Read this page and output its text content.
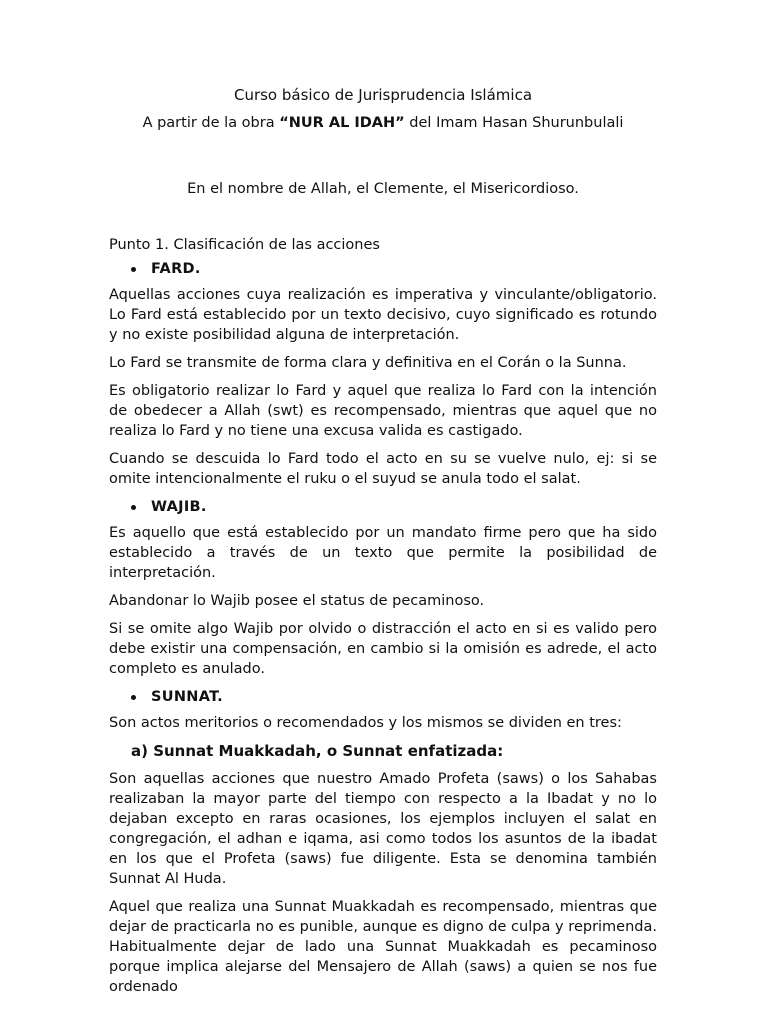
Curso básico de Jurisprudencia Islámica
A partir de la obra “NUR AL IDAH” del Imam Hasan Shurunbulali
En el nombre de Allah, el Clemente, el Misericordioso.
Punto 1. Clasificación de las acciones
FARD.

Aquellas acciones cuya realización es imperativa y vinculante/obligatorio. Lo Fard está establecido por un texto decisivo, cuyo significado es rotundo y no existe posibilidad alguna de interpretación.

Lo Fard se transmite de forma clara y definitiva en el Corán o la Sunna.

Es obligatorio realizar lo Fard y aquel que realiza lo Fard con la intención de obedecer a Allah (swt) es recompensado, mientras que aquel que no realiza lo Fard y no tiene una excusa valida es castigado.

Cuando se descuida lo Fard todo el acto en su se vuelve nulo, ej: si se omite intencionalmente el ruku o el suyud se anula todo el salat.

WAJIB.

Es aquello que está establecido por un mandato firme pero que ha sido establecido a través de un texto que permite la posibilidad de interpretación.

Abandonar lo Wajib posee el status de pecaminoso.

Si se omite algo Wajib por olvido o distracción el acto en si es valido pero debe existir una compensación, en cambio si la omisión es adrede, el acto completo es anulado.

SUNNAT.

Son actos meritorios o recomendados y los mismos se dividen en tres:

a) Sunnat Muakkadah, o Sunnat enfatizada:

Son aquellas acciones que nuestro Amado Profeta (saws) o los Sahabas realizaban la mayor parte del tiempo con respecto a la Ibadat y no lo dejaban excepto en raras ocasiones, los ejemplos incluyen el salat en congregación, el adhan e iqama, asi como todos los asuntos de la ibadat en los que el Profeta (saws) fue diligente. Esta se denomina también Sunnat Al Huda.

Aquel que realiza una Sunnat Muakkadah es recompensado, mientras que dejar de practicarla no es punible, aunque es digno de culpa y reprimenda. Habitualmente dejar de lado una Sunnat Muakkadah es pecaminoso porque implica alejarse del Mensajero de Allah (saws) a quien se nos fue ordenado
